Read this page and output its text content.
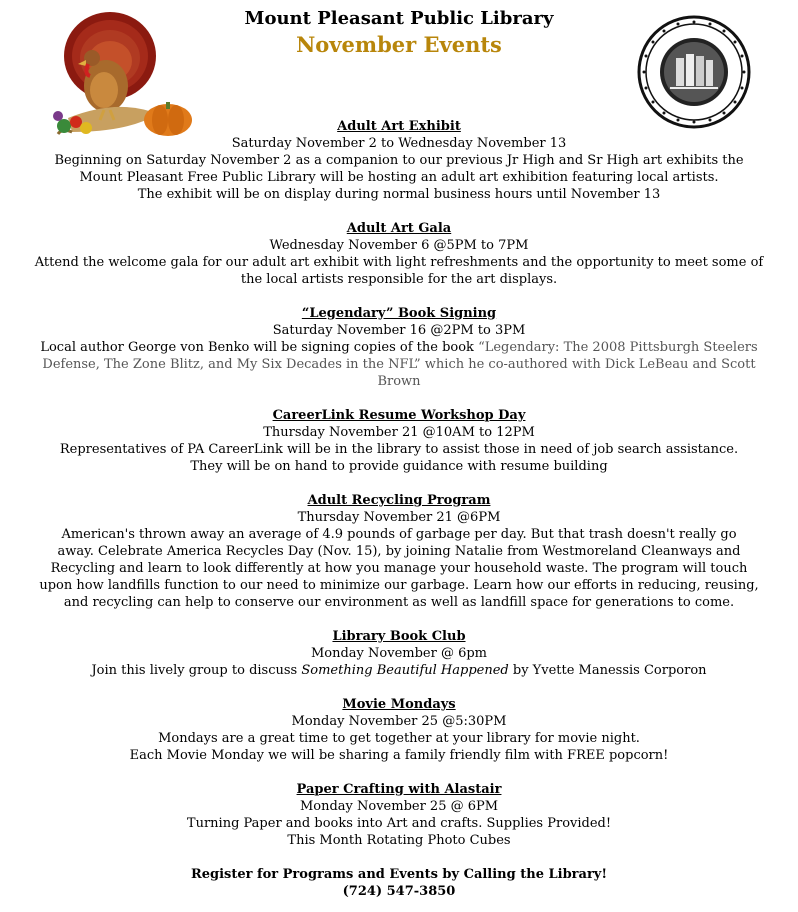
Mount Pleasant Public Library
November Events
Adult Art Exhibit
Saturday November 2 to Wednesday November 13
Beginning on Saturday November 2 as a companion to our previous Jr High and Sr High art exhibits the
Mount Pleasant Free Public Library will be hosting an adult art exhibition featuring local artists.
The exhibit will be on display during normal business hours until November 13
Adult Art Gala
Wednesday November 6 @5PM to 7PM
Attend the welcome gala for our adult art exhibit with light refreshments and the opportunity to meet some of
the local artists responsible for the art displays.
“Legendary” Book Signing
Saturday November 16 @2PM to 3PM
Local author George von Benko will be signing copies of the book “Legendary: The 2008 Pittsburgh Steelers
Defense, The Zone Blitz, and My Six Decades in the NFL” which he co-authored with Dick LeBeau and Scott
Brown
CareerLink Resume Workshop Day
Thursday November 21 @10AM to 12PM
Representatives of PA CareerLink will be in the library to assist those in need of job search assistance.
They will be on hand to provide guidance with resume building
Adult Recycling Program
Thursday November 21 @6PM
American's thrown away an average of 4.9 pounds of garbage per day. But that trash doesn't really go
away. Celebrate America Recycles Day (Nov. 15), by joining Natalie from Westmoreland Cleanways and
Recycling and learn to look differently at how you manage your household waste. The program will touch
upon how landfills function to our need to minimize our garbage. Learn how our efforts in reducing, reusing,
and recycling can help to conserve our environment as well as landfill space for generations to come.
Library Book Club
Monday November @ 6pm
Join this lively group to discuss Something Beautiful Happened by Yvette Manessis Corporon
Movie Mondays
Monday November 25 @5:30PM
Mondays are a great time to get together at your library for movie night.
Each Movie Monday we will be sharing a family friendly film with FREE popcorn!
Paper Crafting with Alastair
Monday November 25 @ 6PM
Turning Paper and books into Art and crafts. Supplies Provided!
This Month Rotating Photo Cubes
Register for Programs and Events by Calling the Library!
(724) 547-3850
